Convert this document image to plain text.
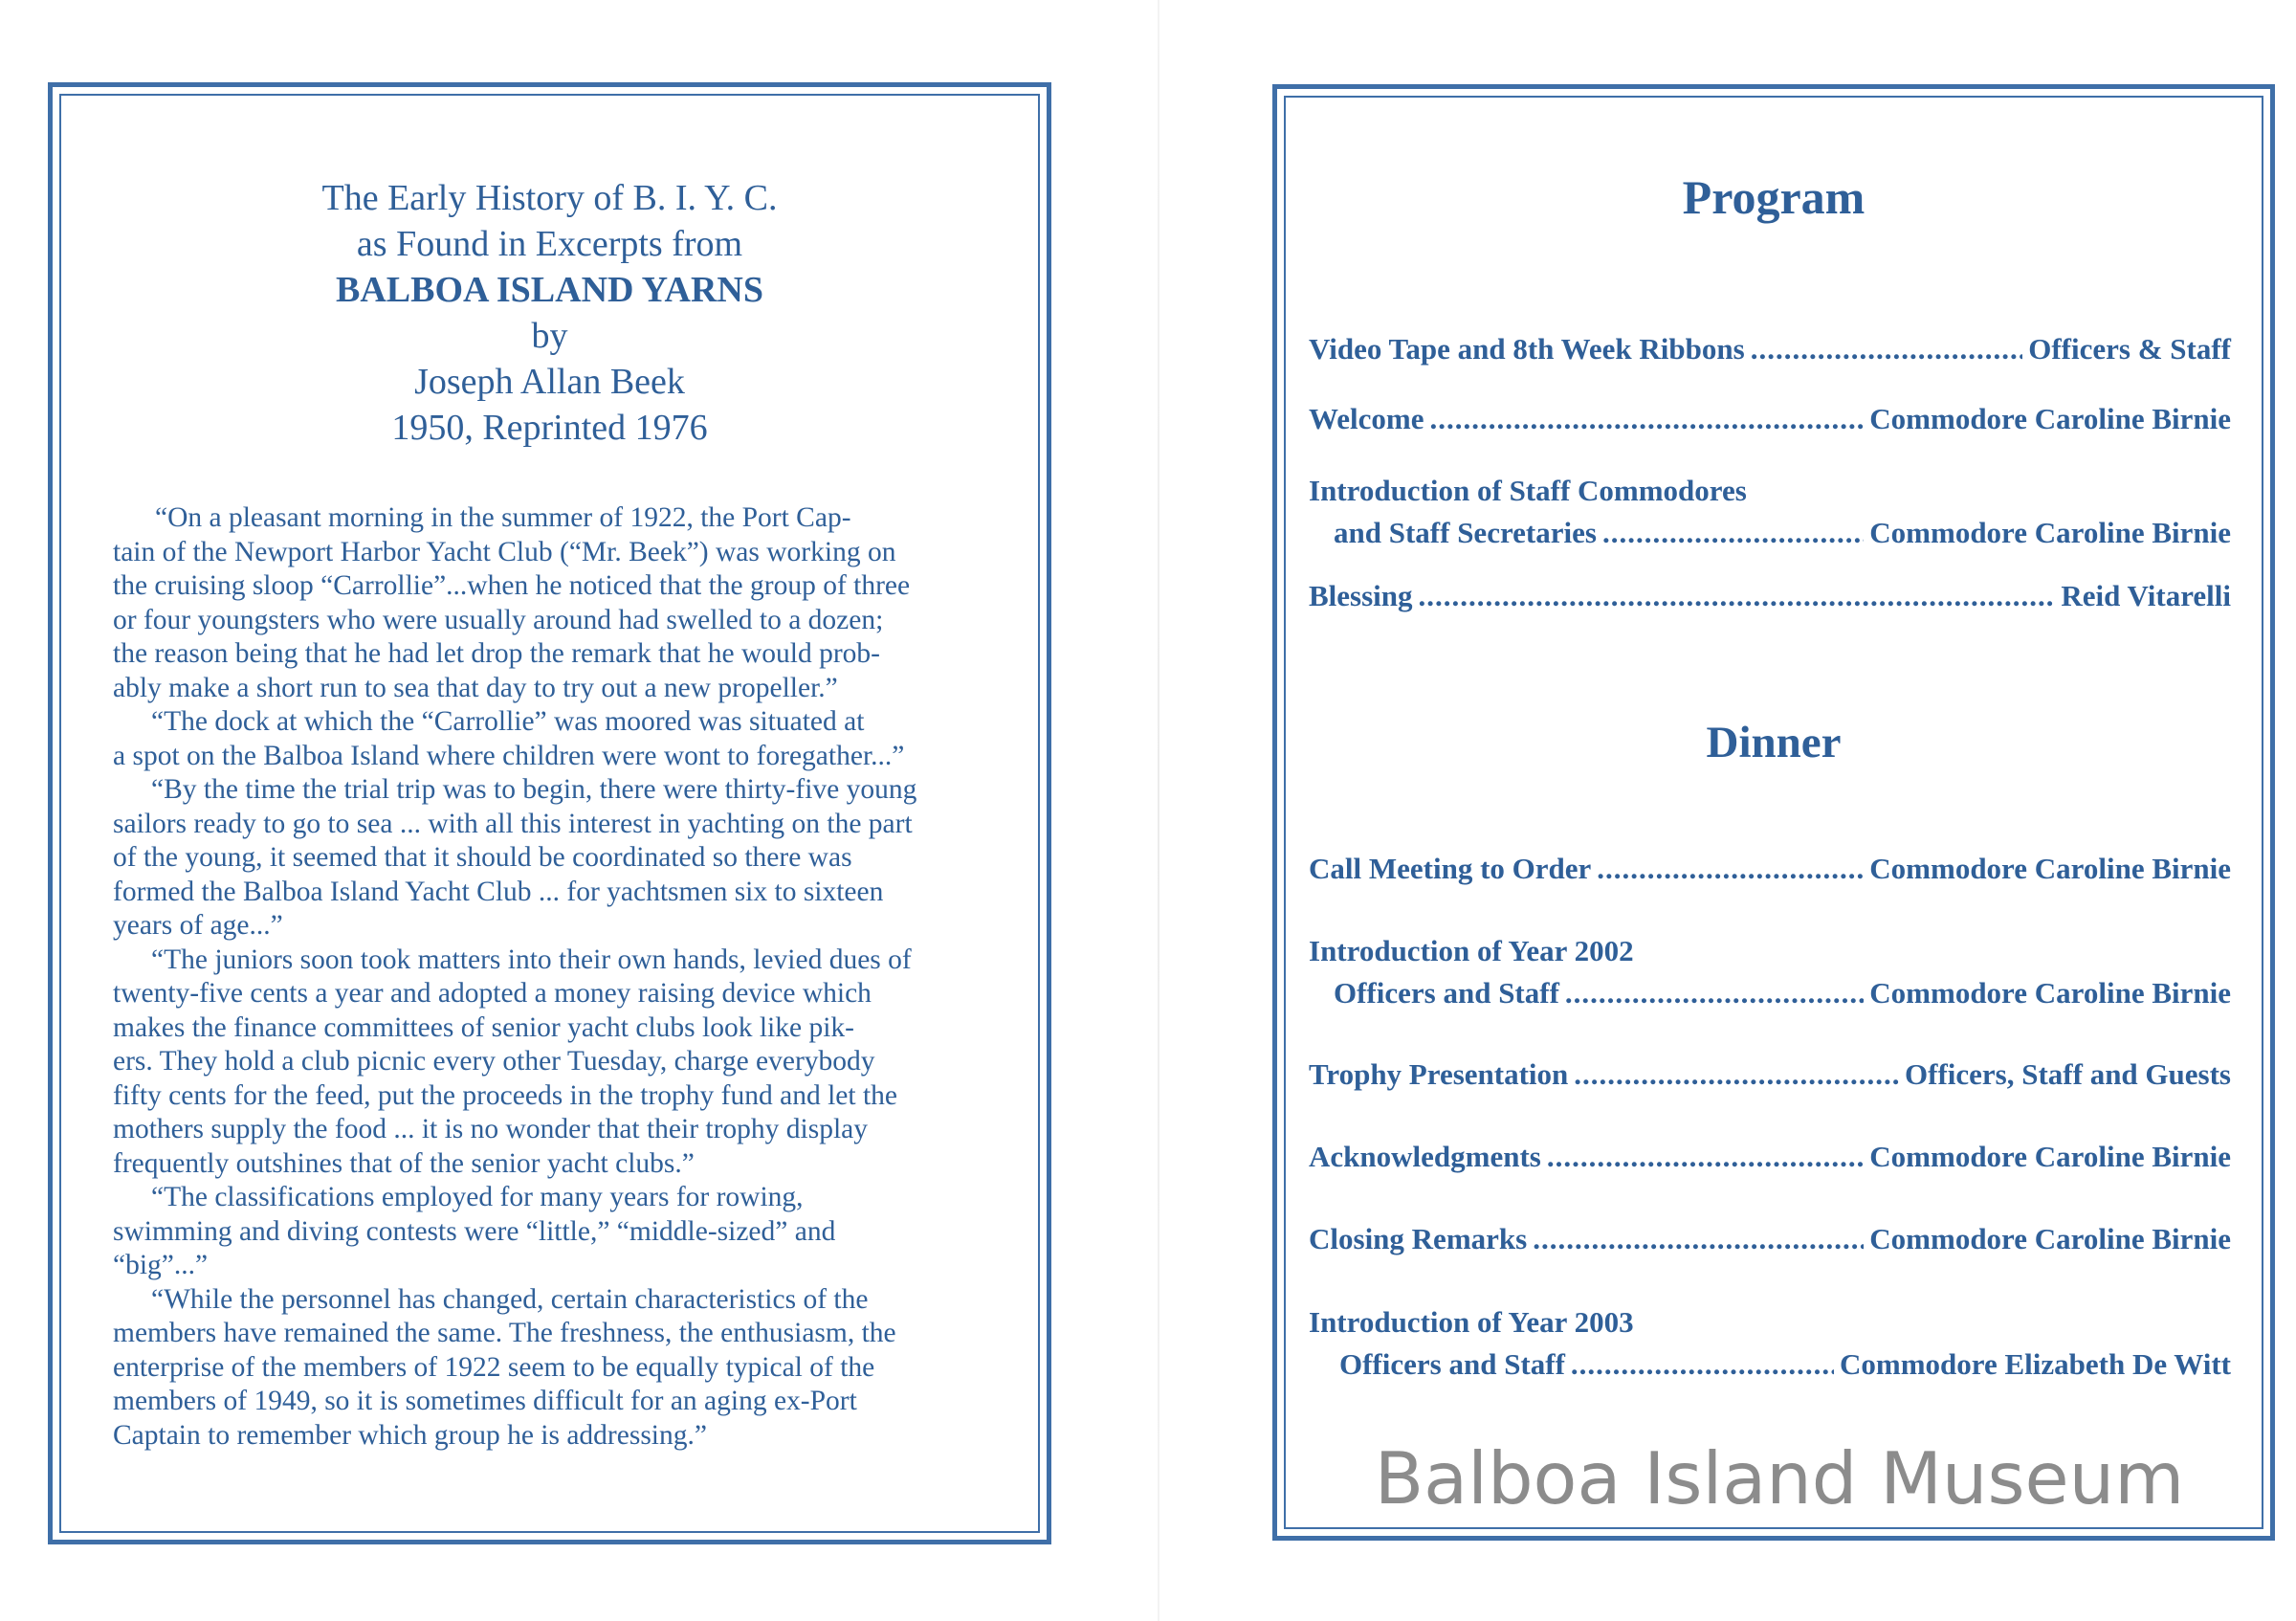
The Early History of B. I. Y. C.
as Found in Excerpts from
BALBOA ISLAND YARNS
by
Joseph Allan Beek
1950, Reprinted 1976
“On a pleasant morning in the summer of 1922, the Port Cap-
tain of the Newport Harbor Yacht Club (“Mr. Beek”) was working on
the cruising sloop “Carrollie”...when he noticed that the group of three
or four youngsters who were usually around had swelled to a dozen;
the reason being that he had let drop the remark that he would prob-
ably make a short run to sea that day to try out a new propeller.”
“The dock at which the “Carrollie” was moored was situated at
a spot on the Balboa Island where children were wont to foregather...”
“By the time the trial trip was to begin, there were thirty-five young
sailors ready to go to sea ... with all this interest in yachting on the part
of the young, it seemed that it should be coordinated so there was
formed the Balboa Island Yacht Club ... for yachtsmen six to sixteen
years of age...”
“The juniors soon took matters into their own hands, levied dues of
twenty-five cents a year and adopted a money raising device which
makes the finance committees of senior yacht clubs look like pik-
ers. They hold a club picnic every other Tuesday, charge everybody
fifty cents for the feed, put the proceeds in the trophy fund and let the
mothers supply the food ... it is no wonder that their trophy display
frequently outshines that of the senior yacht clubs.”
“The classifications employed for many years for rowing,
swimming and diving contests were “little,” “middle-sized” and
“big”...”
“While the personnel has changed, certain characteristics of the
members have remained the same. The freshness, the enthusiasm, the
enterprise of the members of 1922 seem to be equally typical of the
members of 1949, so it is sometimes difficult for an aging ex-Port
Captain to remember which group he is addressing.”
Program
Video Tape and 8th Week Ribbons .....	Officers & Staff
Welcome .....	Commodore Caroline Birnie
Introduction of Staff Commodores
and Staff Secretaries .....	Commodore Caroline Birnie
Blessing .....	Reid Vitarelli
Dinner
Call Meeting to Order .....	Commodore Caroline Birnie
Introduction of Year 2002
Officers and Staff .....	Commodore Caroline Birnie
Trophy Presentation .....	Officers, Staff and Guests
Acknowledgments .....	Commodore Caroline Birnie
Closing Remarks .....	Commodore Caroline Birnie
Introduction of Year 2003
Officers and Staff .....	Commodore Elizabeth De Witt
Balboa Island Museum
